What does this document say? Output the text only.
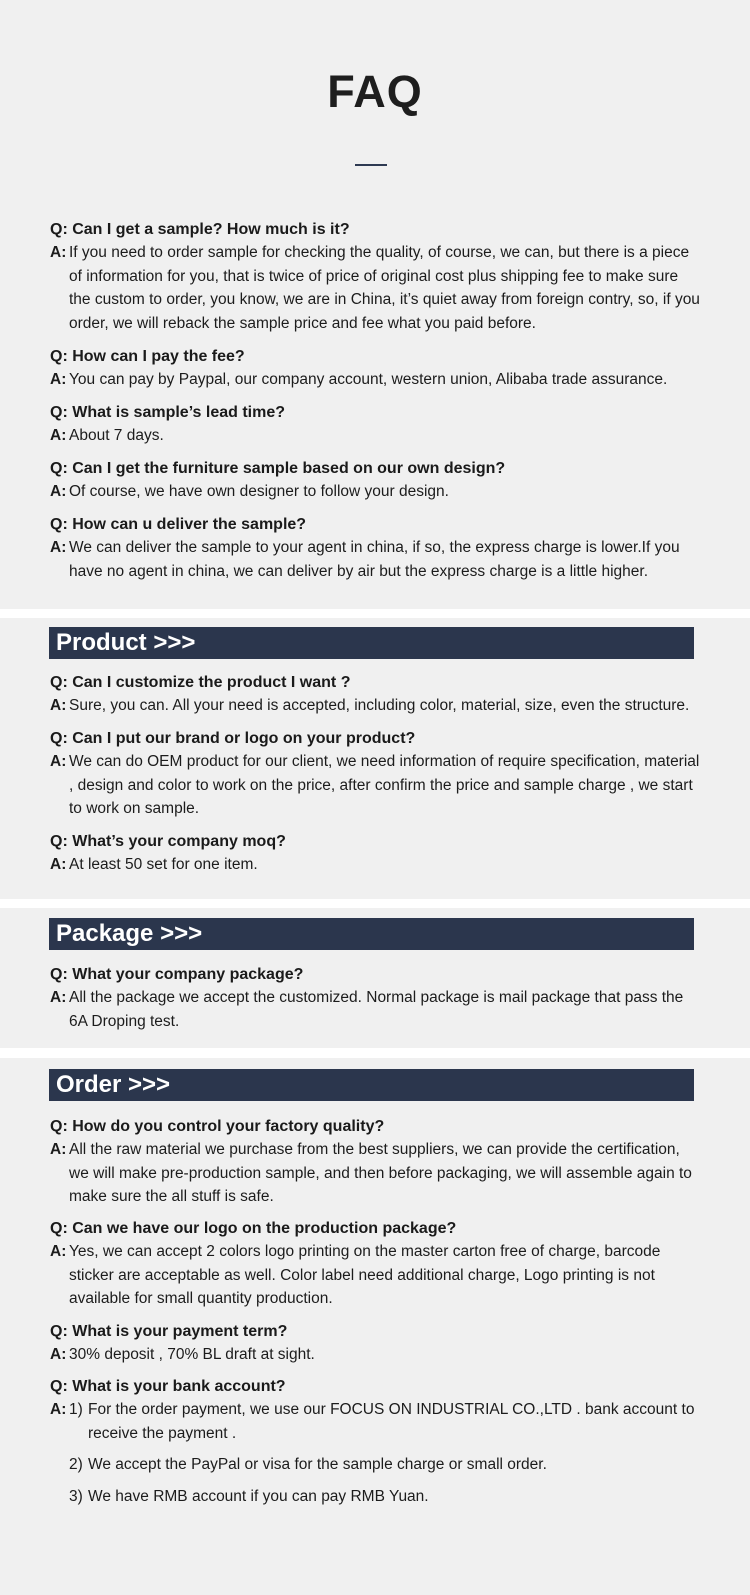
FAQ

Q: Can I get a sample? How much is it?

A: If you need to order sample for checking the quality, of course, we can, but there is a piece of information for you, that is twice of price of original cost plus shipping fee to make sure the custom to order, you know, we are in China, it’s quiet away from foreign contry, so, if you order, we will reback the sample price and fee what you paid before.

Q: How can I pay the fee?

A: You can pay by Paypal, our company account, western union, Alibaba trade assurance.

Q: What is sample’s lead time?

A: About 7 days.

Q: Can I get the furniture sample based on our own design?

A: Of course, we have own designer to follow your design.

Q: How can u deliver the sample?

A: We can deliver the sample to your agent in china, if so, the express charge is lower.If you have no agent in china, we can deliver by air but the express charge is a little higher.

Product >>>

Q: Can I customize the product I want ?

A: Sure, you can. All your need is accepted, including color, material, size, even the structure.

Q: Can I put our brand or logo on your product?

A: We can do OEM product for our client, we need information of require specification, material , design and color to work on the price, after confirm the price and sample charge , we start to work on sample.

Q: What’s your company moq?

A: At least 50 set for one item.

Package >>>

Q: What your company package?

A: All the package we accept the customized. Normal package is mail package that pass the 6A Droping test.

Order >>>

Q: How do you control your factory quality?

A: All the raw material we purchase from the best suppliers, we can provide the certification, we will make pre-production sample, and then before packaging, we will assemble again to make sure the all stuff is safe.

Q: Can we have our logo on the production package?

A: Yes, we can accept 2 colors logo printing on the master carton free of charge, barcode sticker are acceptable as well. Color label need additional charge, Logo printing is not available for small quantity production.

Q: What is your payment term?

A: 30% deposit , 70% BL draft at sight.

Q: What is your bank account?

A: 1) For the order payment, we use our FOCUS ON INDUSTRIAL CO.,LTD . bank account to receive the payment .

2) We accept the PayPal or visa for the sample charge or small order.

3) We have RMB account if you can pay RMB Yuan.
